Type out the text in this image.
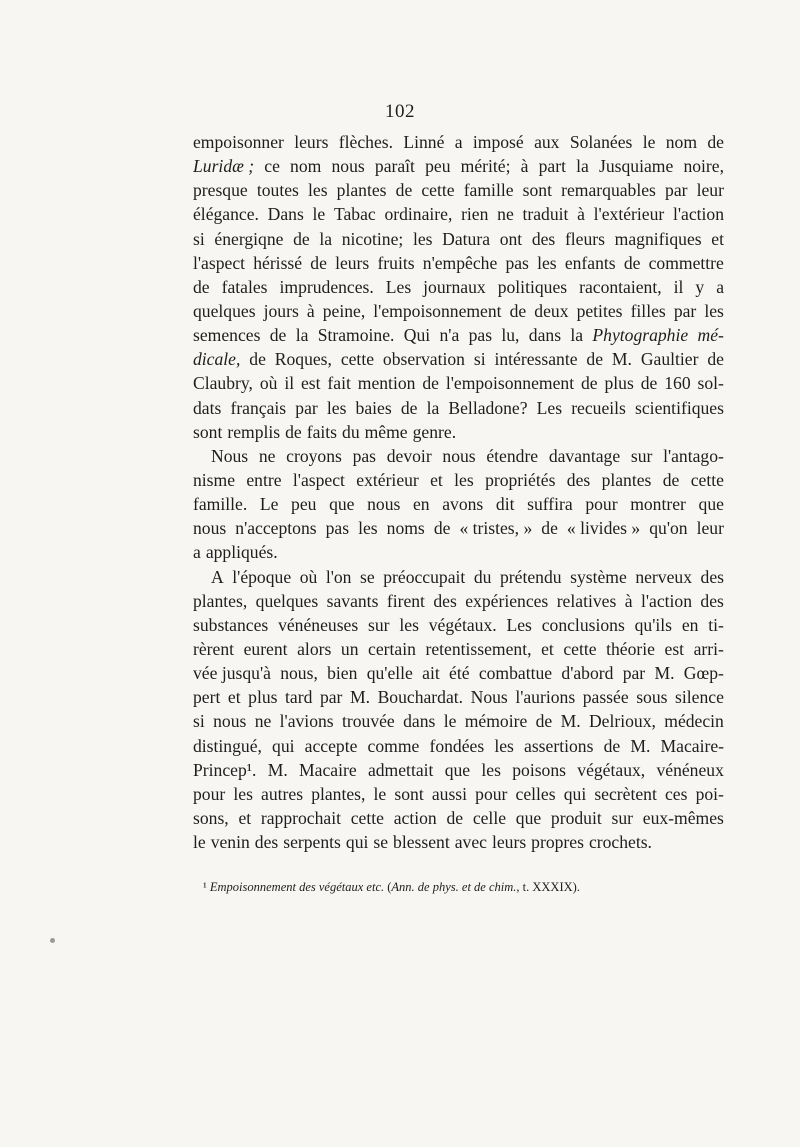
102
empoisonner leurs flèches. Linné a imposé aux Solanées le nom de
Luridæ ; ce nom nous paraît peu mérité; à part la Jusquiame noire,
presque toutes les plantes de cette famille sont remarquables par leur
élégance. Dans le Tabac ordinaire, rien ne traduit à l'extérieur l'action
si énergiqne de la nicotine; les Datura ont des fleurs magnifiques et
l'aspect hérissé de leurs fruits n'empêche pas les enfants de commettre
de fatales imprudences. Les journaux politiques racontaient, il y a
quelques jours à peine, l'empoisonnement de deux petites filles par les
semences de la Stramoine. Qui n'a pas lu, dans la Phytographie mé-
dicale, de Roques, cette observation si intéressante de M. Gaultier de
Claubry, où il est fait mention de l'empoisonnement de plus de 160 sol-
dats français par les baies de la Belladone? Les recueils scientifiques
sont remplis de faits du même genre.
Nous ne croyons pas devoir nous étendre davantage sur l'antago-
nisme entre l'aspect extérieur et les propriétés des plantes de cette
famille. Le peu que nous en avons dit suffira pour montrer que
nous n'acceptons pas les noms de « tristes, » de « livides » qu'on leur
a appliqués.
A l'époque où l'on se préoccupait du prétendu système nerveux des
plantes, quelques savants firent des expériences relatives à l'action des
substances vénéneuses sur les végétaux. Les conclusions qu'ils en ti-
rèrent eurent alors un certain retentissement, et cette théorie est arri-
vée jusqu'à nous, bien qu'elle ait été combattue d'abord par M. Gœp-
pert et plus tard par M. Bouchardat. Nous l'aurions passée sous silence
si nous ne l'avions trouvée dans le mémoire de M. Delrioux, médecin
distingué, qui accepte comme fondées les assertions de M. Macaire-
Princep¹. M. Macaire admettait que les poisons végétaux, vénéneux
pour les autres plantes, le sont aussi pour celles qui secrètent ces poi-
sons, et rapprochait cette action de celle que produit sur eux-mêmes
le venin des serpents qui se blessent avec leurs propres crochets.
¹ Empoisonnement des végétaux etc. (Ann. de phys. et de chim., t. XXXIX).
